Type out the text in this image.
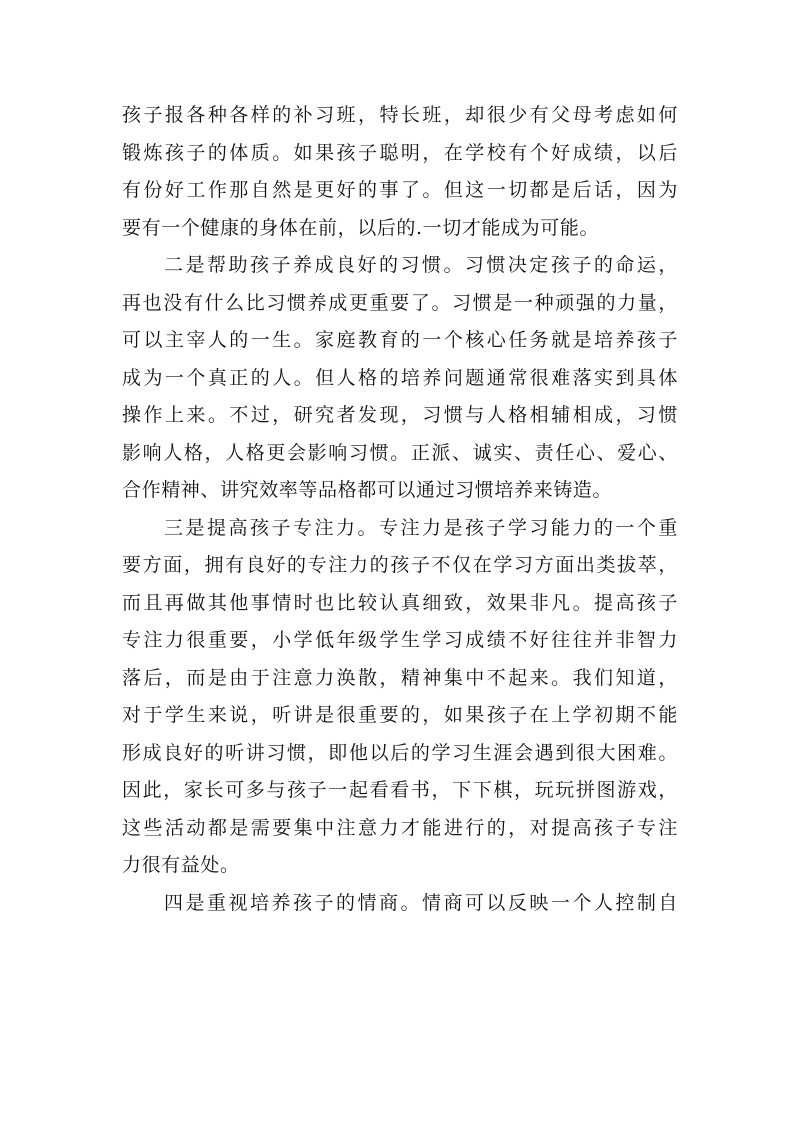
孩子报各种各样的补习班，特长班，却很少有父母考虑如何
锻炼孩子的体质。如果孩子聪明，在学校有个好成绩，以后
有份好工作那自然是更好的事了。但这一切都是后话，因为
要有一个健康的身体在前，以后的.一切才能成为可能。
二是帮助孩子养成良好的习惯。习惯决定孩子的命运，
再也没有什么比习惯养成更重要了。习惯是一种顽强的力量，
可以主宰人的一生。家庭教育的一个核心任务就是培养孩子
成为一个真正的人。但人格的培养问题通常很难落实到具体
操作上来。不过，研究者发现，习惯与人格相辅相成，习惯
影响人格，人格更会影响习惯。正派、诚实、责任心、爱心、
合作精神、讲究效率等品格都可以通过习惯培养来铸造。
三是提高孩子专注力。专注力是孩子学习能力的一个重
要方面，拥有良好的专注力的孩子不仅在学习方面出类拔萃，
而且再做其他事情时也比较认真细致，效果非凡。提高孩子
专注力很重要，小学低年级学生学习成绩不好往往并非智力
落后，而是由于注意力涣散，精神集中不起来。我们知道，
对于学生来说，听讲是很重要的，如果孩子在上学初期不能
形成良好的听讲习惯，即他以后的学习生涯会遇到很大困难。
因此，家长可多与孩子一起看看书，下下棋，玩玩拼图游戏，
这些活动都是需要集中注意力才能进行的，对提高孩子专注
力很有益处。
四是重视培养孩子的情商。情商可以反映一个人控制自
